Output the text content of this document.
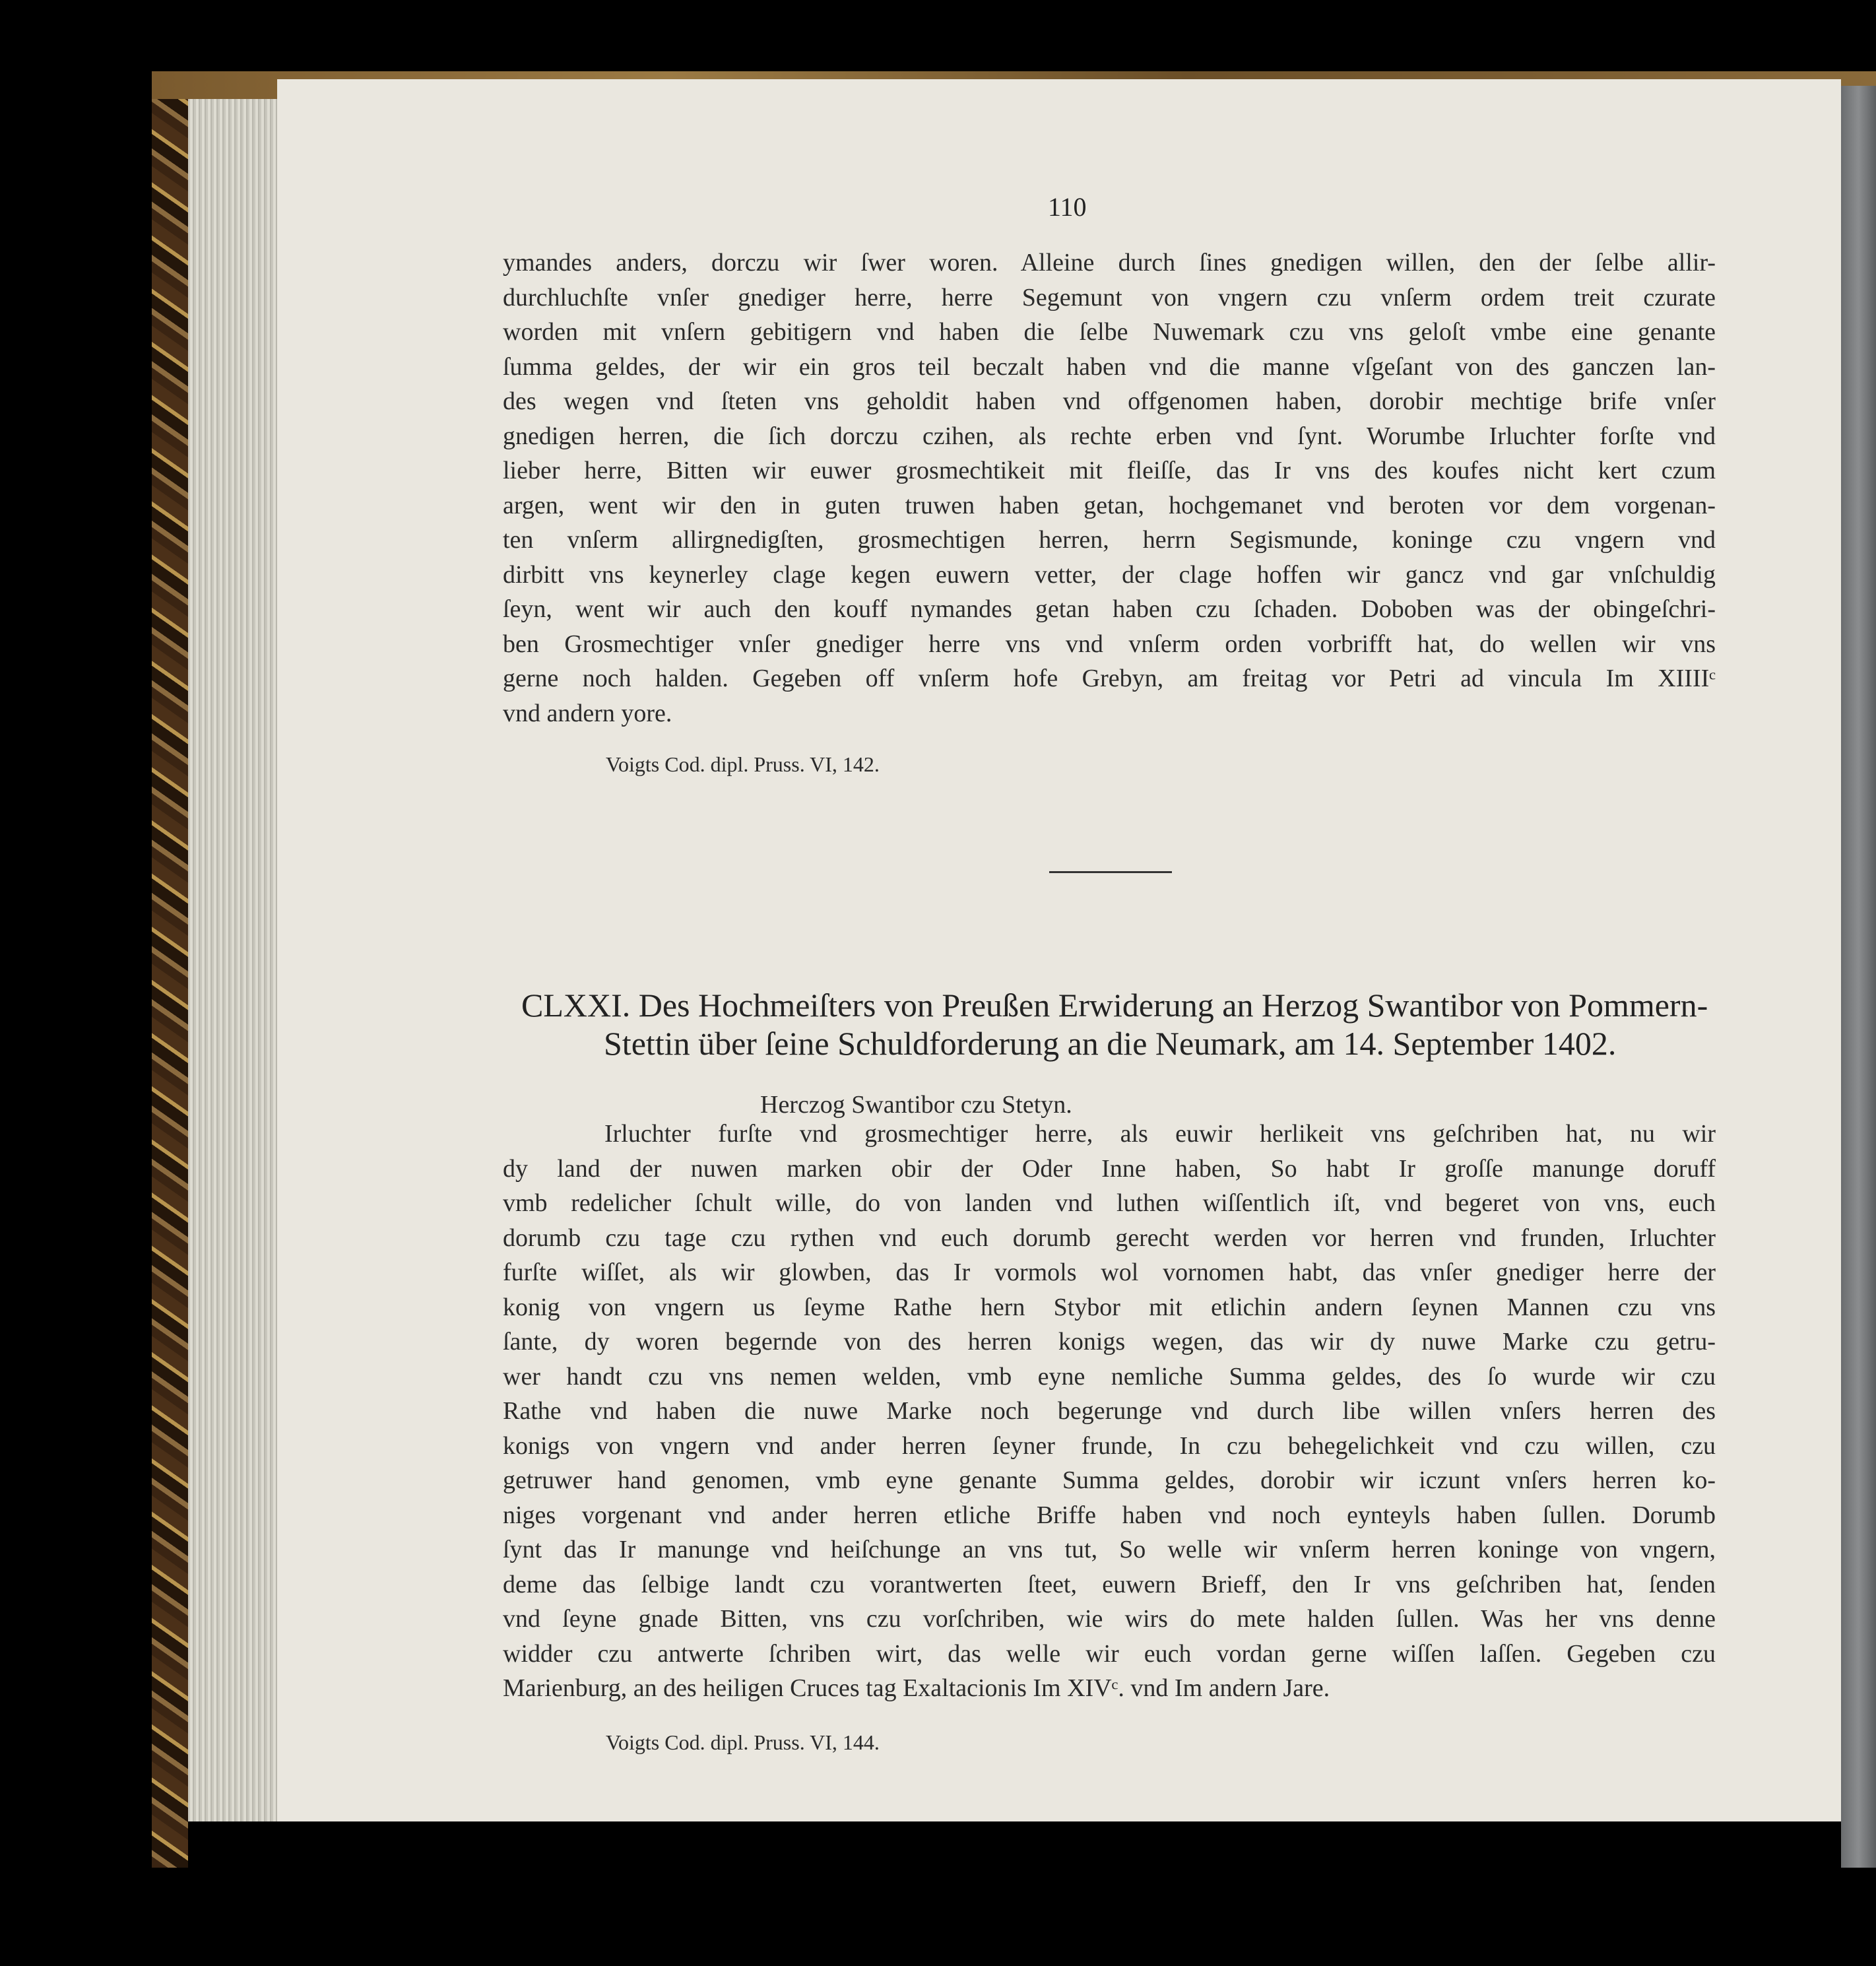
110
ymandes anders, dorczu wir ſwer woren. Alleine durch ſines gnedigen willen, den der ſelbe allir-
durchluchſte vnſer gnediger herre, herre Segemunt von vngern czu vnſerm ordem treit czurate
worden mit vnſern gebitigern vnd haben die ſelbe Nuwemark czu vns geloſt vmbe eine genante
ſumma geldes, der wir ein gros teil beczalt haben vnd die manne vſgeſant von des ganczen lan-
des wegen vnd ſteten vns geholdit haben vnd offgenomen haben, dorobir mechtige brife vnſer
gnedigen herren, die ſich dorczu czihen, als rechte erben vnd ſynt. Worumbe Irluchter forſte vnd
lieber herre, Bitten wir euwer grosmechtikeit mit fleiſſe, das Ir vns des koufes nicht kert czum
argen, went wir den in guten truwen haben getan, hochgemanet vnd beroten vor dem vorgenan-
ten vnſerm allirgnedigſten, grosmechtigen herren, herrn Segismunde, koninge czu vngern vnd
dirbitt vns keynerley clage kegen euwern vetter, der clage hoffen wir gancz vnd gar vnſchuldig
ſeyn, went wir auch den kouff nymandes getan haben czu ſchaden. Doboben was der obingeſchri-
ben Grosmechtiger vnſer gnediger herre vns vnd vnſerm orden vorbrifft hat, do wellen wir vns
gerne noch halden. Gegeben off vnſerm hofe Grebyn, am freitag vor Petri ad vincula Im XIIIIᶜ
vnd andern yore.
Voigts Cod. dipl. Pruss. VI, 142.
CLXXI. Des Hochmeiſters von Preußen Erwiderung an Herzog Swantibor von Pommern-
Stettin über ſeine Schuldforderung an die Neumark, am 14. September 1402.
Herczog Swantibor czu Stetyn.
Irluchter furſte vnd grosmechtiger herre, als euwir herlikeit vns geſchriben hat, nu wir
dy land der nuwen marken obir der Oder Inne haben, So habt Ir groſſe manunge doruff
vmb redelicher ſchult wille, do von landen vnd luthen wiſſentlich iſt, vnd begeret von vns, euch
dorumb czu tage czu rythen vnd euch dorumb gerecht werden vor herren vnd frunden, Irluchter
furſte wiſſet, als wir glowben, das Ir vormols wol vornomen habt, das vnſer gnediger herre der
konig von vngern us ſeyme Rathe hern Stybor mit etlichin andern ſeynen Mannen czu vns
ſante, dy woren begernde von des herren konigs wegen, das wir dy nuwe Marke czu getru-
wer handt czu vns nemen welden, vmb eyne nemliche Summa geldes, des ſo wurde wir czu
Rathe vnd haben die nuwe Marke noch begerunge vnd durch libe willen vnſers herren des
konigs von vngern vnd ander herren ſeyner frunde, In czu behegelichkeit vnd czu willen, czu
getruwer hand genomen, vmb eyne genante Summa geldes, dorobir wir iczunt vnſers herren ko-
niges vorgenant vnd ander herren etliche Briffe haben vnd noch eynteyls haben ſullen. Dorumb
ſynt das Ir manunge vnd heiſchunge an vns tut, So welle wir vnſerm herren koninge von vngern,
deme das ſelbige landt czu vorantwerten ſteet, euwern Brieff, den Ir vns geſchriben hat, ſenden
vnd ſeyne gnade Bitten, vns czu vorſchriben, wie wirs do mete halden ſullen. Was her vns denne
widder czu antwerte ſchriben wirt, das welle wir euch vordan gerne wiſſen laſſen. Gegeben czu
Marienburg, an des heiligen Cruces tag Exaltacionis Im XIVᶜ. vnd Im andern Jare.
Voigts Cod. dipl. Pruss. VI, 144.
